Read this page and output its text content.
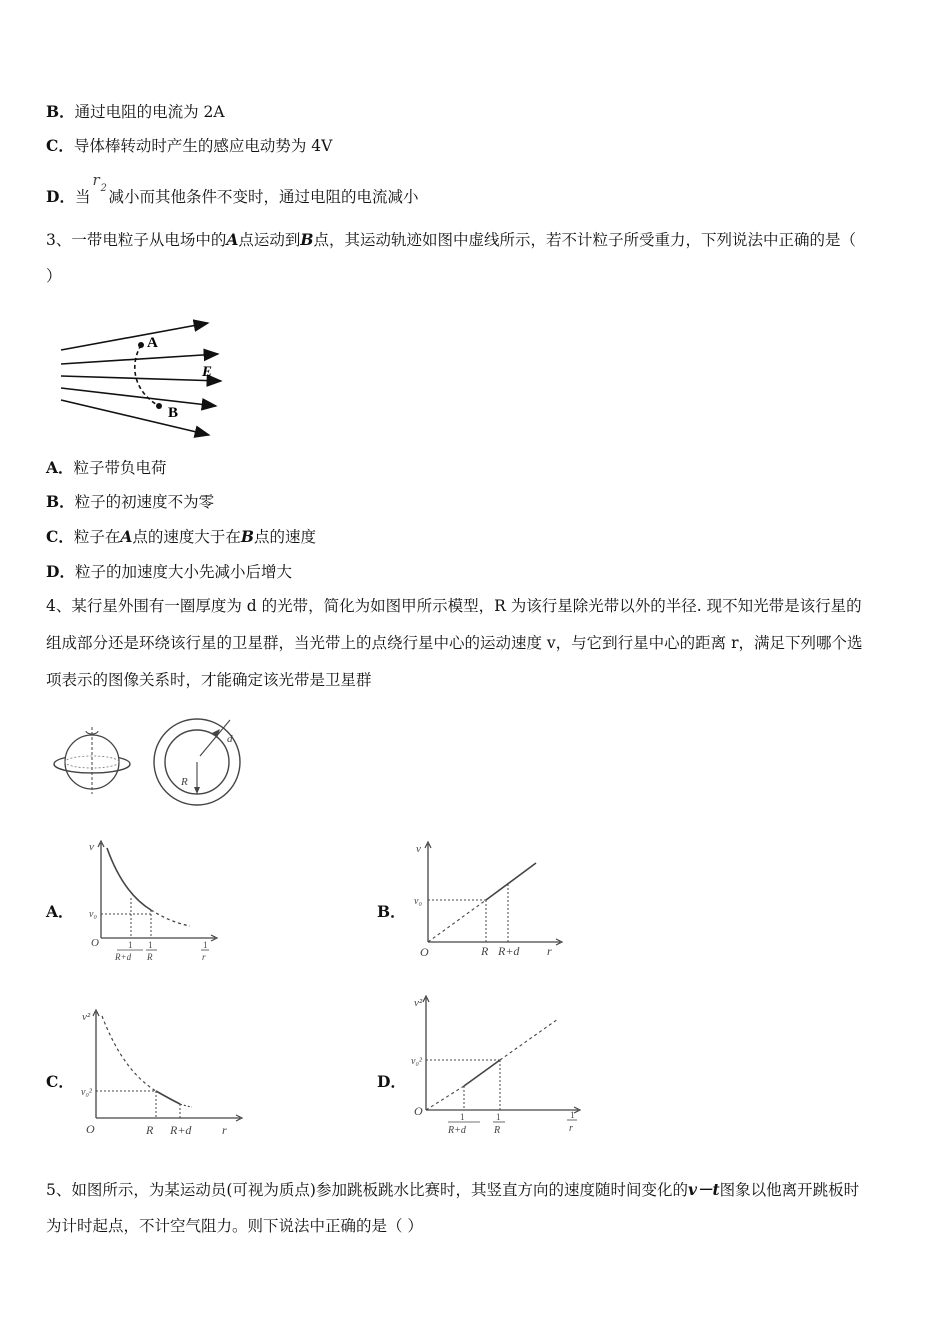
B．通过电阻的电流为 2A
C．导体棒转动时产生的感应电动势为 4V
D．当
r 2 减小而其他条件不变时，通过电阻的电流减小
3、一带电粒子从电场中的A点运动到B点，其运动轨迹如图中虚线所示，若不计粒子所受重力，下列说法中正确的是（
）
A
B
E
A．粒子带负电荷
B．粒子的初速度不为零
C．粒子在A点的速度大于在B点的速度
D．粒子的加速度大小先减小后增大
4、某行星外围有一圈厚度为 d 的光带，简化为如图甲所示模型，R 为该行星除光带以外的半径. 现不知光带是该行星的
组成部分还是环绕该行星的卫星群，当光带上的点绕行星中心的运动速度 v，与它到行星中心的距离 r，满足下列哪个选
项表示的图像关系时，才能确定该光带是卫星群
R
d
A．	B．
C．	D．
v
v₀
O	1
R+d
1
R
1
r
v
v₀
O	R R+d r
v²
v₀²
O	R R+d	r
v²
v₀²
O	1
R+d
1
R
1
r
5、如图所示，为某运动员(可视为质点)参加跳板跳水比赛时，其竖直方向的速度随时间变化的v－t图象以他离开跳板时
为计时起点，不计空气阻力。则下说法中正确的是（ ）
